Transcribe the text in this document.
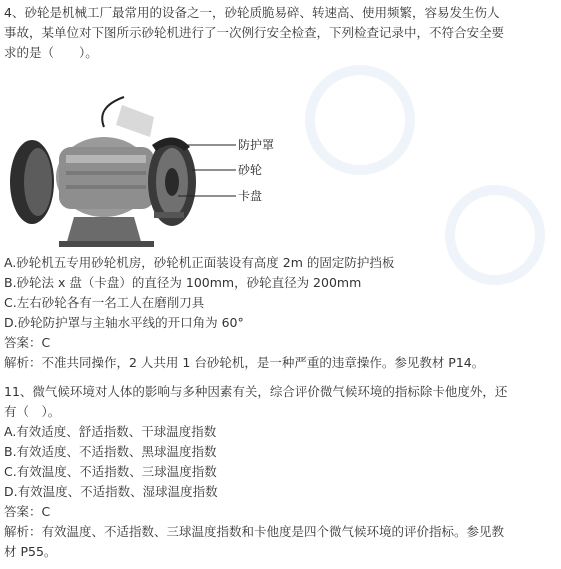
4、砂轮是机械工厂最常用的设备之一，砂轮质脆易碎、转速高、使用频繁，容易发生伤人
事故，某单位对下图所示砂轮机进行了一次例行安全检查，下列检查记录中，不符合安全要
求的是（　　）。
防护罩
砂轮
卡盘
A.砂轮机五专用砂轮机房，砂轮机正面装设有高度 2m 的固定防护挡板
B.砂轮法 x 盘（卡盘）的直径为 100mm，砂轮直径为 200mm
C.左右砂轮各有一名工人在磨削刀具
D.砂轮防护罩与主轴水平线的开口角为 60°
答案：C
解析：不准共同操作，2 人共用 1 台砂轮机，是一种严重的违章操作。参见教材 P14。
11、微气候环境对人体的影响与多种因素有关，综合评价微气候环境的指标除卡他度外，还
有（　）。
A.有效适度、舒适指数、干球温度指数
B.有效适度、不适指数、黑球温度指数
C.有效温度、不适指数、三球温度指数
D.有效温度、不适指数、湿球温度指数
答案：C
解析：有效温度、不适指数、三球温度指数和卡他度是四个微气候环境的评价指标。参见教
材 P55。
